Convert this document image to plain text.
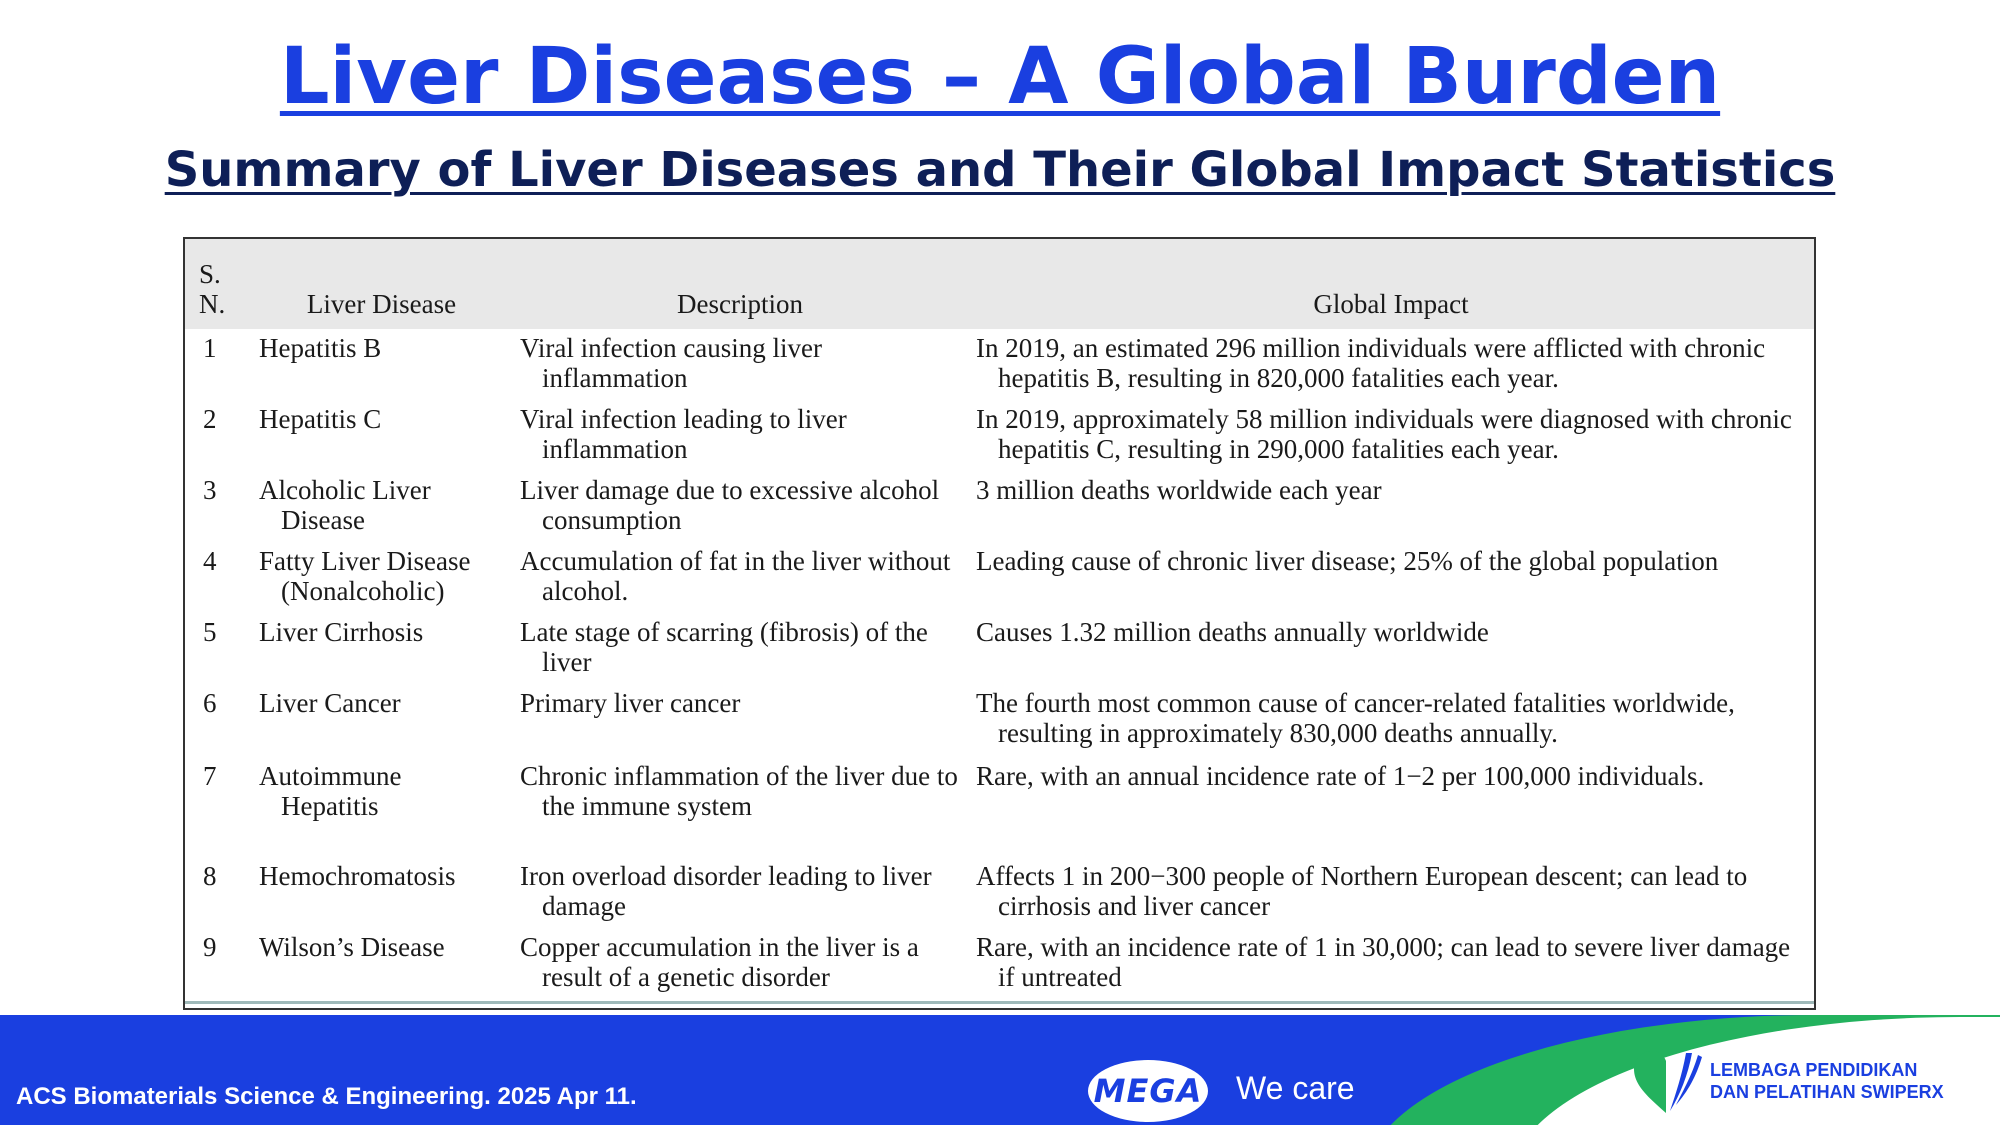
Liver Diseases – A Global Burden
Summary of Liver Diseases and Their Global Impact Statistics
S.
N.	Liver Disease	Description	Global Impact
1	Hepatitis B	Viral infection causing liver inflammation	In 2019, an estimated 296 million individuals were afflicted with chronic hepatitis B, resulting in 820,000 fatalities each year.

2	Hepatitis C	Viral infection leading to liver inflammation	In 2019, approximately 58 million individuals were diagnosed with chronic hepatitis C, resulting in 290,000 fatalities each year.

3	Alcoholic Liver Disease	Liver damage due to excessive alcohol consumption	3 million deaths worldwide each year

4	Fatty Liver Disease (Nonalcoholic)	Accumulation of fat in the liver without alcohol.	Leading cause of chronic liver disease; 25% of the global population

5	Liver Cirrhosis	Late stage of scarring (fibrosis) of the liver	Causes 1.32 million deaths annually worldwide

6	Liver Cancer	Primary liver cancer	The fourth most common cause of cancer-related fatalities worldwide, resulting in approximately 830,000 deaths annually.

7	Autoimmune Hepatitis	Chronic inflammation of the liver due to the immune system	Rare, with an annual incidence rate of 1−2 per 100,000 individuals.

8	Hemochromatosis	Iron overload disorder leading to liver damage	Affects 1 in 200−300 people of Northern European descent; can lead to cirrhosis and liver cancer

9	Wilson’s Disease	Copper accumulation in the liver is a result of a genetic disorder	Rare, with an incidence rate of 1 in 30,000; can lead to severe liver damage if untreated
ACS Biomaterials Science & Engineering. 2025 Apr 11.	MEGA We care	LEMBAGA PENDIDIKAN
DAN PELATIHAN SWIPERX
